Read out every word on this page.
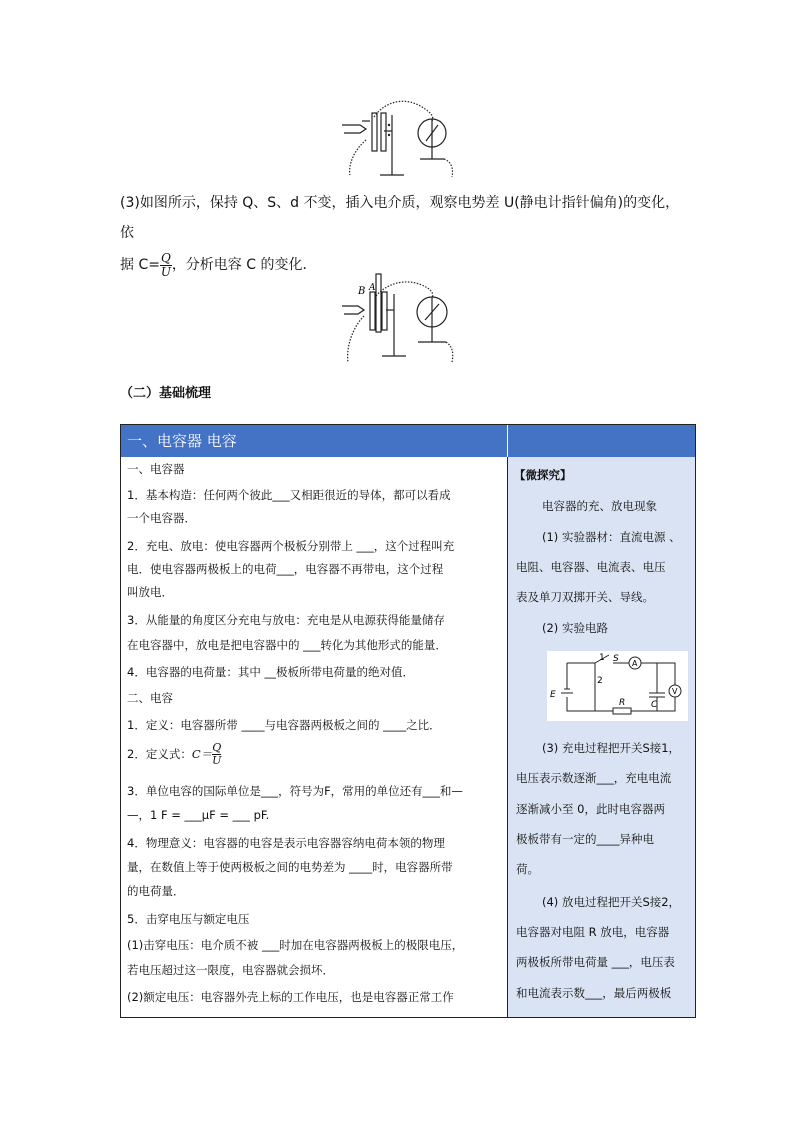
(3)如图所示，保持 Q、S、d 不变，插入电介质，观察电势差 U(静电计指针偏角)的变化，依
据 $C= \frac{Q}{U}$ ，分析电容 C 的变化．
B A
（二）基础梳理
一、电容器 电容
一、电容器
1．基本构造：任何两个彼此___又相距很近的导体，都可以看成
一个电容器．
2．充电、放电：使电容器两个极板分别带上 ___，这个过程叫充
电．使电容器两极板上的电荷___，电容器不再带电，这个过程
叫放电．
3．从能量的角度区分充电与放电：充电是从电源获得能量储存
在电容器中，放电是把电容器中的 ___转化为其他形式的能量．
4．电容器的电荷量：其中 __极板所带电荷量的绝对值．
二、电容
1．定义：电容器所带 ____与电容器两极板之间的 ____之比．
2．定义式：$C= \frac{Q}{U}$
3．单位电容的国际单位是___，符号为F，常用的单位还有___和—
—，1 F = ___μF = ___ pF.
4．物理意义：电容器的电容是表示电容器容纳电荷本领的物理
量，在数值上等于使两极板之间的电势差为 ____时，电容器所带
的电荷量．
5．击穿电压与额定电压
(1)击穿电压：电介质不被 ___时加在电容器两极板上的极限电压，
若电压超过这一限度，电容器就会损坏．
(2)额定电压：电容器外壳上标的工作电压，也是电容器正常工作
【微探究】
电容器的充、放电现象
(1) 实验器材：直流电源 、
电阻、电容器、电流表、电压
表及单刀双掷开关、导线。
(2) 实验电路
1
2
S A
V
E
C
R
(3) 充电过程把开关S接1，
电压表示数逐渐___，充电电流
逐渐减小至 0，此时电容器两
极板带有一定的____异种电
荷。
(4) 放电过程把开关S接2，
电容器对电阻 R 放电，电容器
两极板所带电荷量 ___，电压表
和电流表示数___，最后两极板
